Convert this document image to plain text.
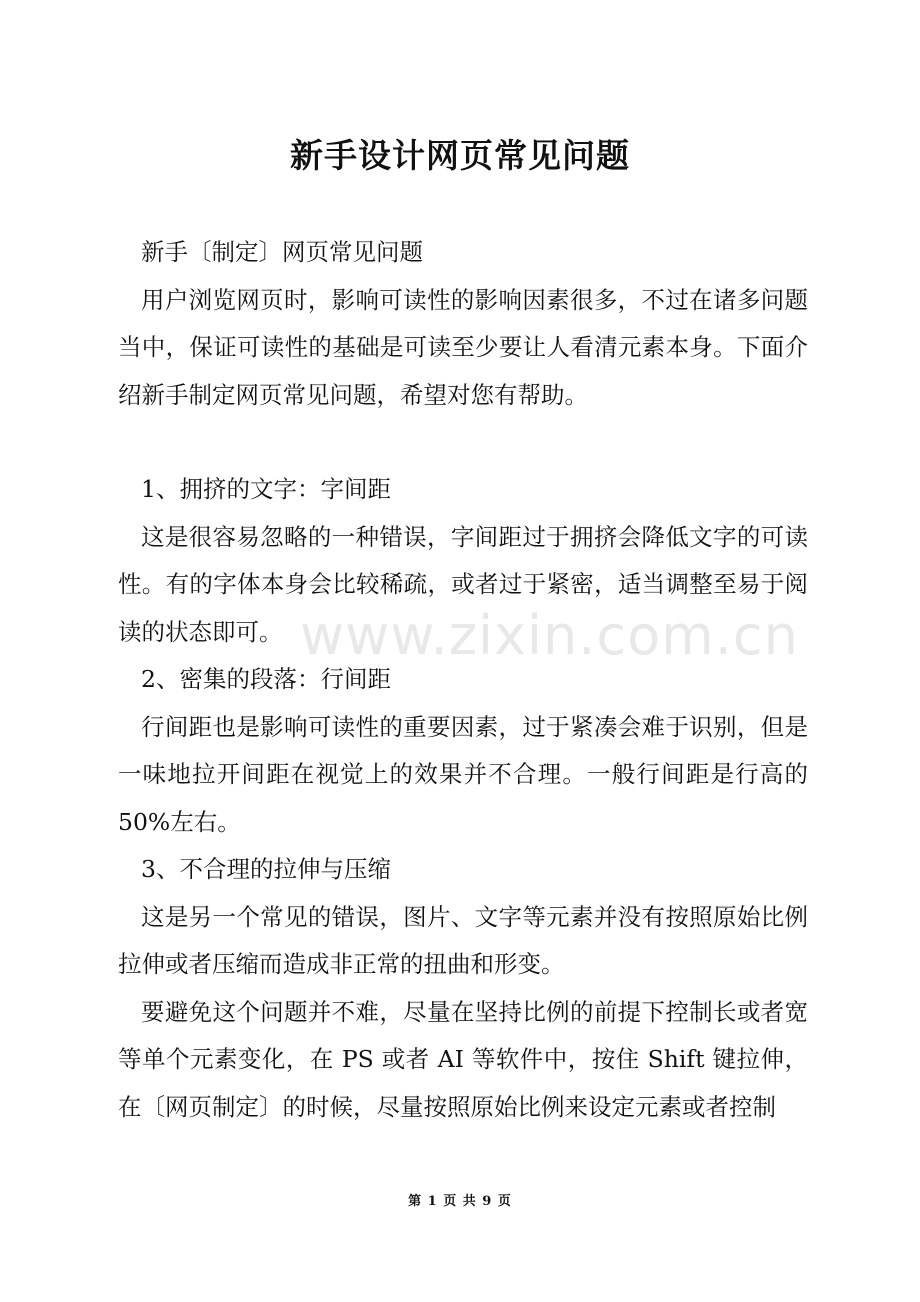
新手设计网页常见问题

新手〔制定〕网页常见问题

用户浏览网页时，影响可读性的影响因素很多，不过在诸多问题当中，保证可读性的基础是可读至少要让人看清元素本身。下面介绍新手制定网页常见问题，希望对您有帮助。

1、拥挤的文字：字间距

这是很容易忽略的一种错误，字间距过于拥挤会降低文字的可读性。有的字体本身会比较稀疏，或者过于紧密，适当调整至易于阅读的状态即可。

2、密集的段落：行间距

行间距也是影响可读性的重要因素，过于紧凑会难于识别，但是一味地拉开间距在视觉上的效果并不合理。一般行间距是行高的 50%左右。

3、不合理的拉伸与压缩

这是另一个常见的错误，图片、文字等元素并没有按照原始比例拉伸或者压缩而造成非正常的扭曲和形变。

要避免这个问题并不难，尽量在坚持比例的前提下控制长或者宽等单个元素变化，在 PS 或者 AI 等软件中，按住 Shift 键拉伸，在〔网页制定〕的时候，尽量按照原始比例来设定元素或者控制

www.zixin.com.cn
第 1 页 共 9 页
